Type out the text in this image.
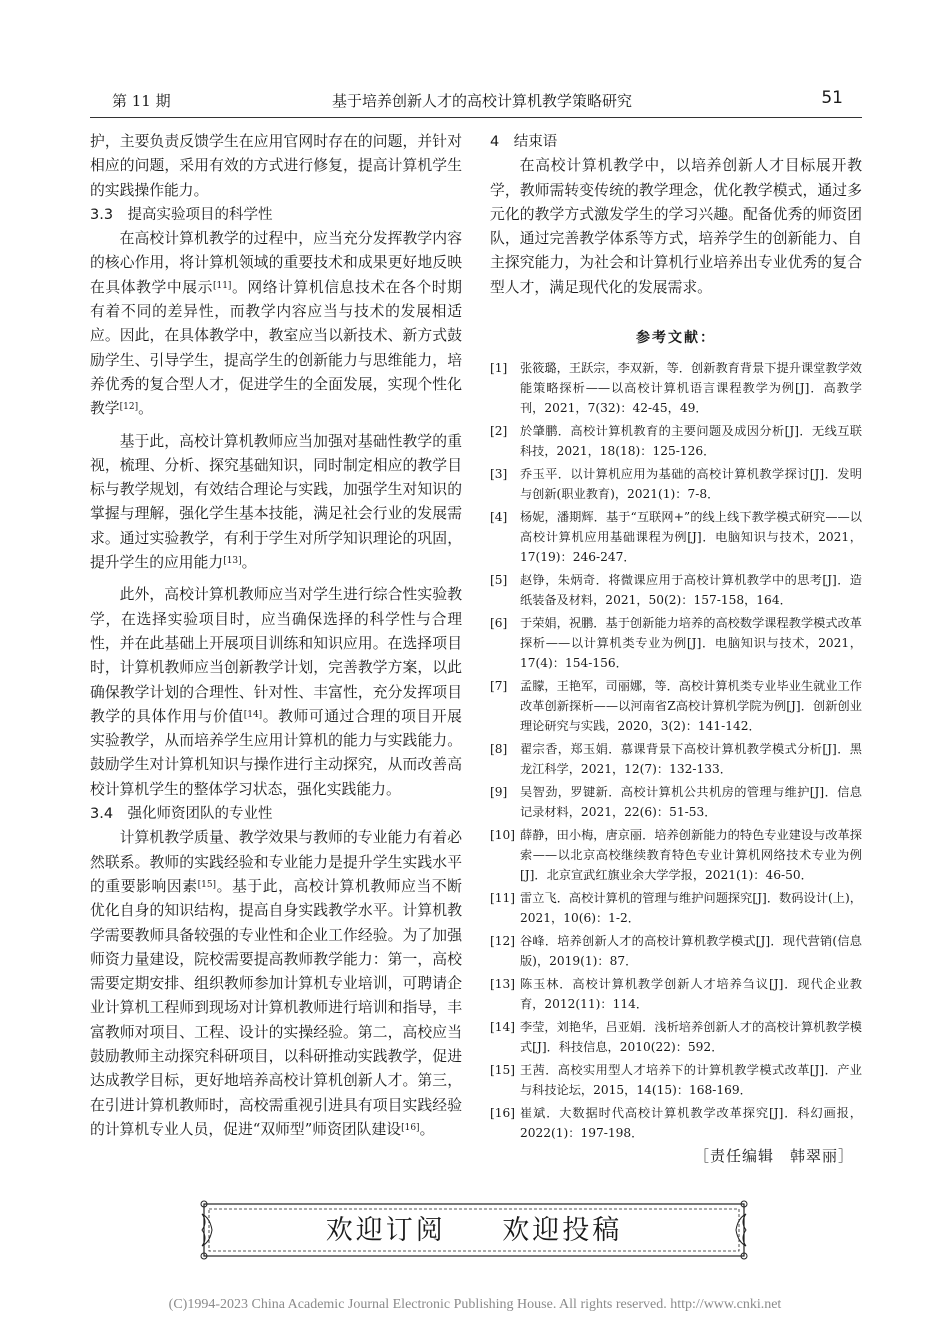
第 11 期	基于培养创新人才的高校计算机教学策略研究	51

护，主要负责反馈学生在应用官网时存在的问题，并针对相应的问题，采用有效的方式进行修复，提高计算机学生的实践操作能力。

3.3　提高实验项目的科学性

在高校计算机教学的过程中，应当充分发挥教学内容的核心作用，将计算机领域的重要技术和成果更好地反映在具体教学中展示[11]。网络计算机信息技术在各个时期有着不同的差异性，而教学内容应当与技术的发展相适应。因此，在具体教学中，教室应当以新技术、新方式鼓励学生、引导学生，提高学生的创新能力与思维能力，培养优秀的复合型人才，促进学生的全面发展，实现个性化教学[12]。

基于此，高校计算机教师应当加强对基础性教学的重视，梳理、分析、探究基础知识，同时制定相应的教学目标与教学规划，有效结合理论与实践，加强学生对知识的掌握与理解，强化学生基本技能，满足社会行业的发展需求。通过实验教学，有利于学生对所学知识理论的巩固，提升学生的应用能力[13]。

此外，高校计算机教师应当对学生进行综合性实验教学，在选择实验项目时，应当确保选择的科学性与合理性，并在此基础上开展项目训练和知识应用。在选择项目时，计算机教师应当创新教学计划，完善教学方案，以此确保教学计划的合理性、针对性、丰富性，充分发挥项目教学的具体作用与价值[14]。教师可通过合理的项目开展实验教学，从而培养学生应用计算机的能力与实践能力。鼓励学生对计算机知识与操作进行主动探究，从而改善高校计算机学生的整体学习状态，强化实践能力。

3.4　强化师资团队的专业性

计算机教学质量、教学效果与教师的专业能力有着必然联系。教师的实践经验和专业能力是提升学生实践水平的重要影响因素[15]。基于此，高校计算机教师应当不断优化自身的知识结构，提高自身实践教学水平。计算机教学需要教师具备较强的专业性和企业工作经验。为了加强师资力量建设，院校需要提高教师教学能力：第一，高校需要定期安排、组织教师参加计算机专业培训，可聘请企业计算机工程师到现场对计算机教师进行培训和指导，丰富教师对项目、工程、设计的实操经验。第二，高校应当鼓励教师主动探究科研项目，以科研推动实践教学，促进达成教学目标，更好地培养高校计算机创新人才。第三，在引进计算机教师时，高校需重视引进具有项目实践经验的计算机专业人员，促进“双师型”师资团队建设[16]。

4　结束语

在高校计算机教学中，以培养创新人才目标展开教学，教师需转变传统的教学理念，优化教学模式，通过多元化的教学方式激发学生的学习兴趣。配备优秀的师资团队，通过完善教学体系等方式，培养学生的创新能力、自主探究能力，为社会和计算机行业培养出专业优秀的复合型人才，满足现代化的发展需求。

参考文献：
[1]	张筱璐，王跃宗，李双新，等．创新教育背景下提升课堂教学效能策略探析——以高校计算机语言课程教学为例[J]．高教学刊，2021，7(32)：42-45，49．
[2]	於肇鹏．高校计算机教育的主要问题及成因分析[J]．无线互联科技，2021，18(18)：125-126．
[3]	乔玉平．以计算机应用为基础的高校计算机教学探讨[J]．发明与创新(职业教育)，2021(1)：7-8．
[4]	杨妮，潘期辉．基于“互联网+”的线上线下教学模式研究——以高校计算机应用基础课程为例[J]．电脑知识与技术，2021，17(19)：246-247．
[5]	赵铮，朱炳奇．将微课应用于高校计算机教学中的思考[J]．造纸装备及材料，2021，50(2)：157-158，164．
[6]	于荣娟，祝鹏．基于创新能力培养的高校数学课程教学模式改革探析——以计算机类专业为例[J]．电脑知识与技术，2021，17(4)：154-156．
[7]	孟朦，王艳军，司丽娜，等．高校计算机类专业毕业生就业工作改革创新探析——以河南省Z高校计算机学院为例[J]．创新创业理论研究与实践，2020，3(2)：141-142．
[8]	翟宗香，郑玉娟．慕课背景下高校计算机教学模式分析[J]．黑龙江科学，2021，12(7)：132-133．
[9]	吴智劲，罗键新．高校计算机公共机房的管理与维护[J]．信息记录材料，2021，22(6)：51-53．
[10] 薛静，田小梅，唐京丽．培养创新能力的特色专业建设与改革探索——以北京高校继续教育特色专业计算机网络技术专业为例[J]．北京宣武红旗业余大学学报，2021(1)：46-50．
[11] 雷立飞．高校计算机的管理与维护问题探究[J]．数码设计(上)，2021，10(6)：1-2．
[12] 谷峰．培养创新人才的高校计算机教学模式[J]．现代营销(信息版)，2019(1)：87．
[13] 陈玉林．高校计算机教学创新人才培养刍议[J]．现代企业教育，2012(11)：114．
[14] 李莹，刘艳华，吕亚娟．浅析培养创新人才的高校计算机教学模式[J]．科技信息，2010(22)：592．
[15] 王茜．高校实用型人才培养下的计算机教学模式改革[J]．产业与科技论坛，2015，14(15)：168-169．
[16] 崔斌．大数据时代高校计算机教学改革探究[J]．科幻画报，2022(1)：197-198．
［责任编辑　韩翠丽］
欢迎订阅 欢迎投稿
(C)1994-2023 China Academic Journal Electronic Publishing House. All rights reserved. http://www.cnki.net
